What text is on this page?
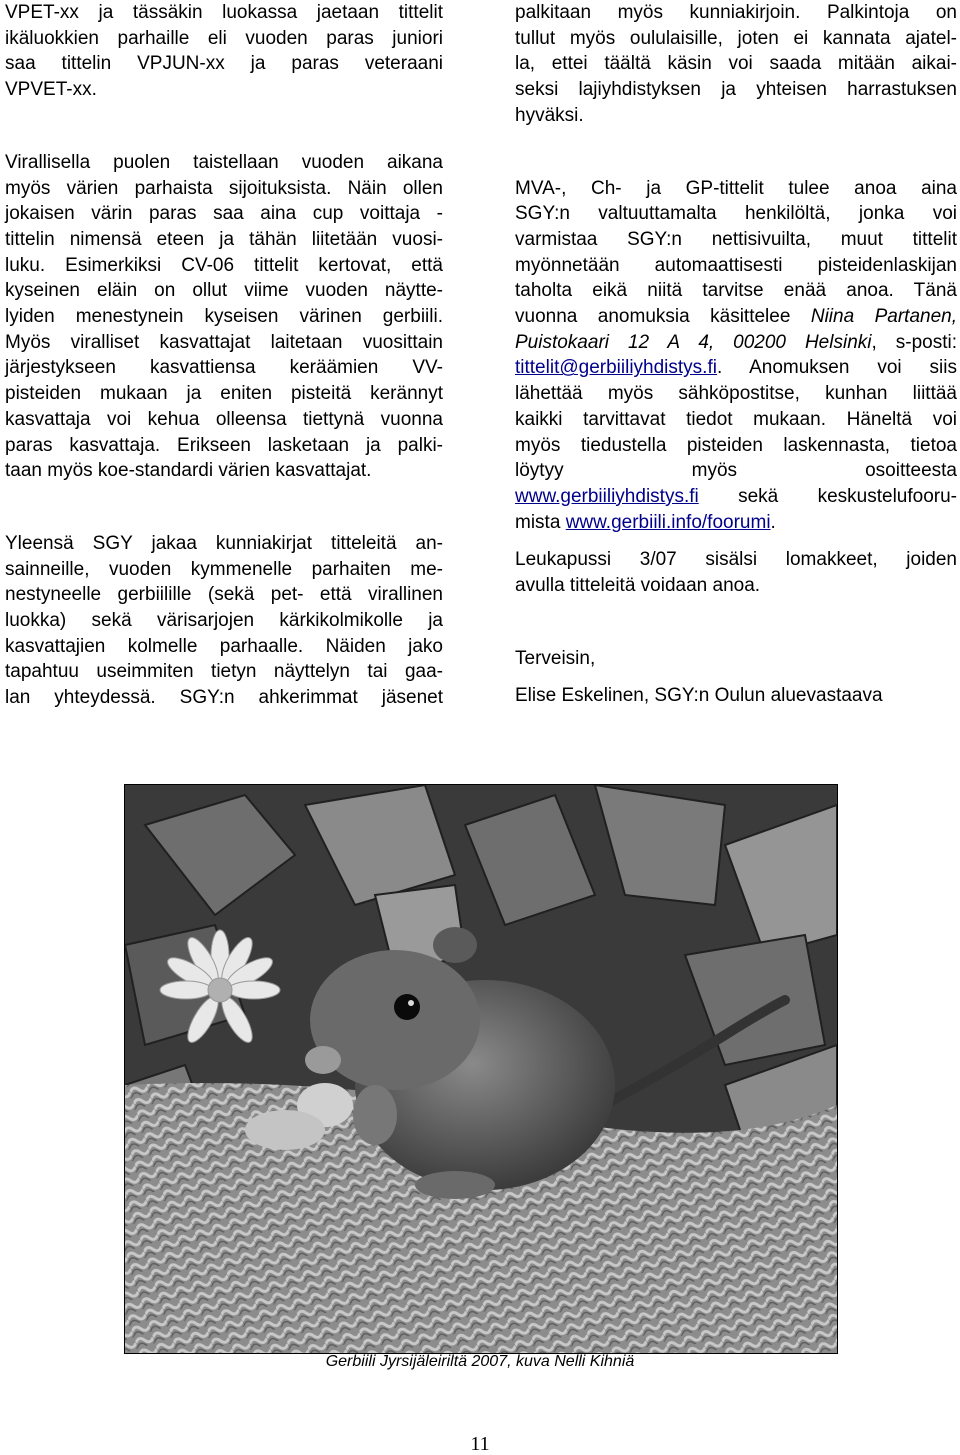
VPET-xx ja tässäkin luokassa jaetaan tittelit
ikäluokkien parhaille eli vuoden paras juniori
saa tittelin VPJUN-xx ja paras veteraani
VPVET-xx.

Virallisella puolen taistellaan vuoden aikana
myös värien parhaista sijoituksista. Näin ollen
jokaisen värin paras saa aina cup voittaja -
tittelin nimensä eteen ja tähän liitetään vuosi-
luku. Esimerkiksi CV-06 tittelit kertovat, että
kyseinen eläin on ollut viime vuoden näytte-
lyiden menestynein kyseisen värinen gerbiili.
Myös viralliset kasvattajat laitetaan vuosittain
järjestykseen kasvattiensa keräämien VV-
pisteiden mukaan ja eniten pisteitä kerännyt
kasvattaja voi kehua olleensa tiettynä vuonna
paras kasvattaja. Erikseen lasketaan ja palki-
taan myös koe-standardi värien kasvattajat.

Yleensä SGY jakaa kunniakirjat titteleitä an-
sainneille, vuoden kymmenelle parhaiten me-
nestyneelle gerbiilille (sekä pet- että virallinen
luokka) sekä värisarjojen kärkikolmikolle ja
kasvattajien kolmelle parhaalle. Näiden jako
tapahtuu useimmiten tietyn näyttelyn tai gaa-
lan yhteydessä. SGY:n ahkerimmat jäsenet

palkitaan myös kunniakirjoin. Palkintoja on
tullut myös oululaisille, joten ei kannata ajatel-
la, ettei täältä käsin voi saada mitään aikai-
seksi lajiyhdistyksen ja yhteisen harrastuksen
hyväksi.

MVA-, Ch- ja GP-tittelit tulee anoa aina
SGY:n valtuuttamalta henkilöltä, jonka voi
varmistaa SGY:n nettisivuilta, muut tittelit
myönnetään automaattisesti pisteidenlaskijan
taholta eikä niitä tarvitse enää anoa. Tänä
vuonna anomuksia käsittelee Niina Partanen,
Puistokaari 12 A 4, 00200 Helsinki, s-posti:
tittelit@gerbiiliyhdistys.fi. Anomuksen voi siis
lähettää myös sähköpostitse, kunhan liittää
kaikki tarvittavat tiedot mukaan. Häneltä voi
myös tiedustella pisteiden laskennasta, tietoa
löytyy myös osoitteesta
www.gerbiiliyhdistys.fi sekä keskustelufooru-
mista www.gerbiili.info/foorumi.

Leukapussi 3/07 sisälsi lomakkeet, joiden
avulla titteleitä voidaan anoa.

Terveisin,

Elise Eskelinen, SGY:n Oulun aluevastaava

Gerbiili Jyrsijäleiriltä 2007, kuva Nelli Kihniä
11
